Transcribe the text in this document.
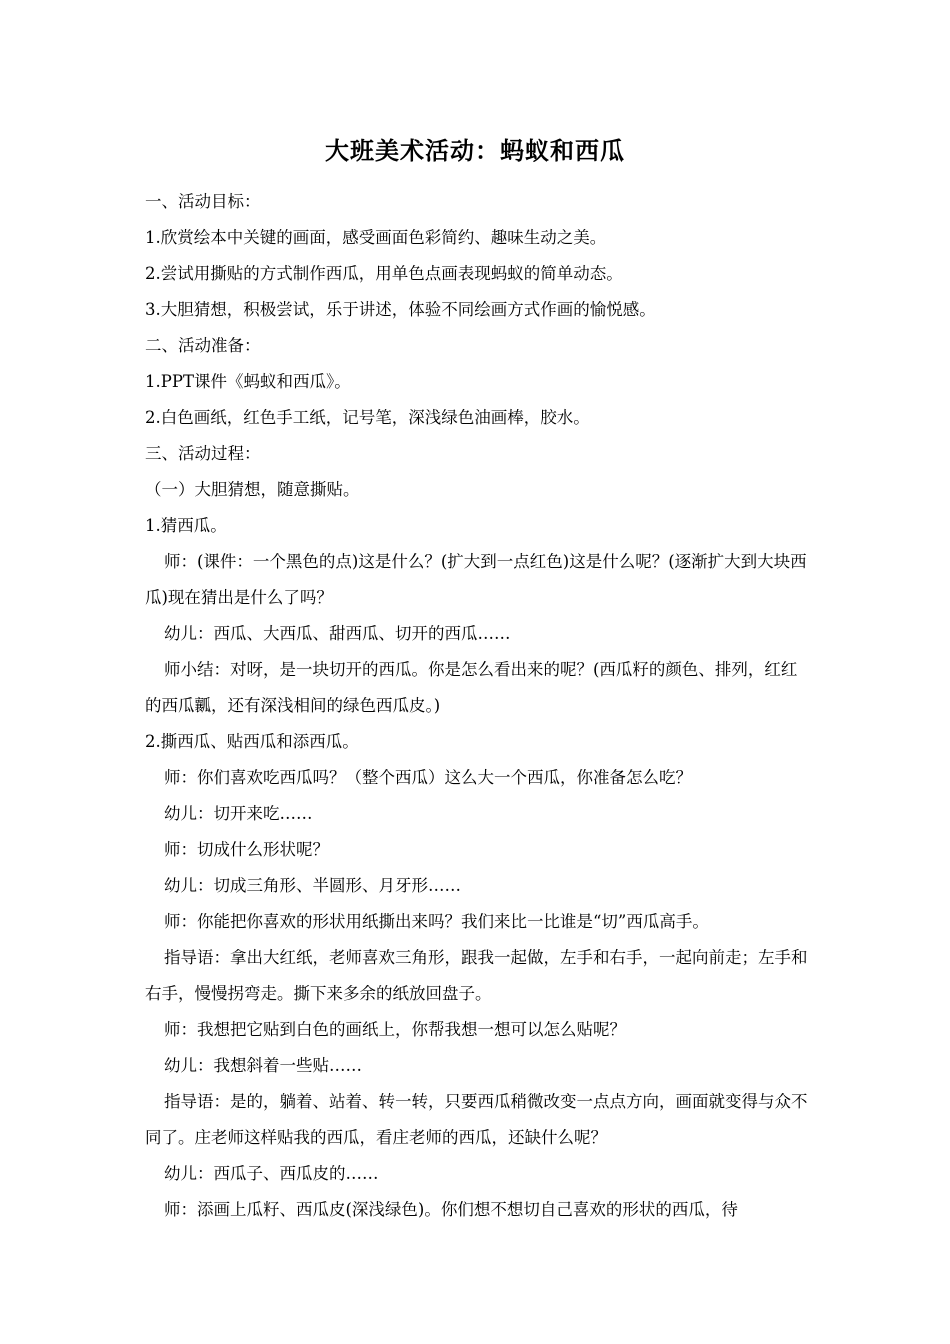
大班美术活动：蚂蚁和西瓜

一、活动目标：

1.欣赏绘本中关键的画面，感受画面色彩简约、趣味生动之美。

2.尝试用撕贴的方式制作西瓜，用单色点画表现蚂蚁的简单动态。

3.大胆猜想，积极尝试，乐于讲述，体验不同绘画方式作画的愉悦感。

二、活动准备：

1.PPT课件《蚂蚁和西瓜》。

2.白色画纸，红色手工纸，记号笔，深浅绿色油画棒，胶水。

三、活动过程：

（一）大胆猜想，随意撕贴。

1.猜西瓜。

师：(课件：一个黑色的点)这是什么？(扩大到一点红色)这是什么呢？(逐渐扩大到大块西瓜)现在猜出是什么了吗？

幼儿：西瓜、大西瓜、甜西瓜、切开的西瓜……

师小结：对呀，是一块切开的西瓜。你是怎么看出来的呢？(西瓜籽的颜色、排列，红红的西瓜瓤，还有深浅相间的绿色西瓜皮。)

2.撕西瓜、贴西瓜和添西瓜。

师：你们喜欢吃西瓜吗？（整个西瓜）这么大一个西瓜，你准备怎么吃？

幼儿：切开来吃……

师：切成什么形状呢？

幼儿：切成三角形、半圆形、月牙形……

师：你能把你喜欢的形状用纸撕出来吗？我们来比一比谁是“切”西瓜高手。

指导语：拿出大红纸，老师喜欢三角形，跟我一起做，左手和右手，一起向前走；左手和右手，慢慢拐弯走。撕下来多余的纸放回盘子。

师：我想把它贴到白色的画纸上，你帮我想一想可以怎么贴呢？

幼儿：我想斜着一些贴……

指导语：是的，躺着、站着、转一转，只要西瓜稍微改变一点点方向，画面就变得与众不同了。庄老师这样贴我的西瓜，看庄老师的西瓜，还缺什么呢？

幼儿：西瓜子、西瓜皮的……

师：添画上瓜籽、西瓜皮(深浅绿色)。你们想不想切自己喜欢的形状的西瓜，待
